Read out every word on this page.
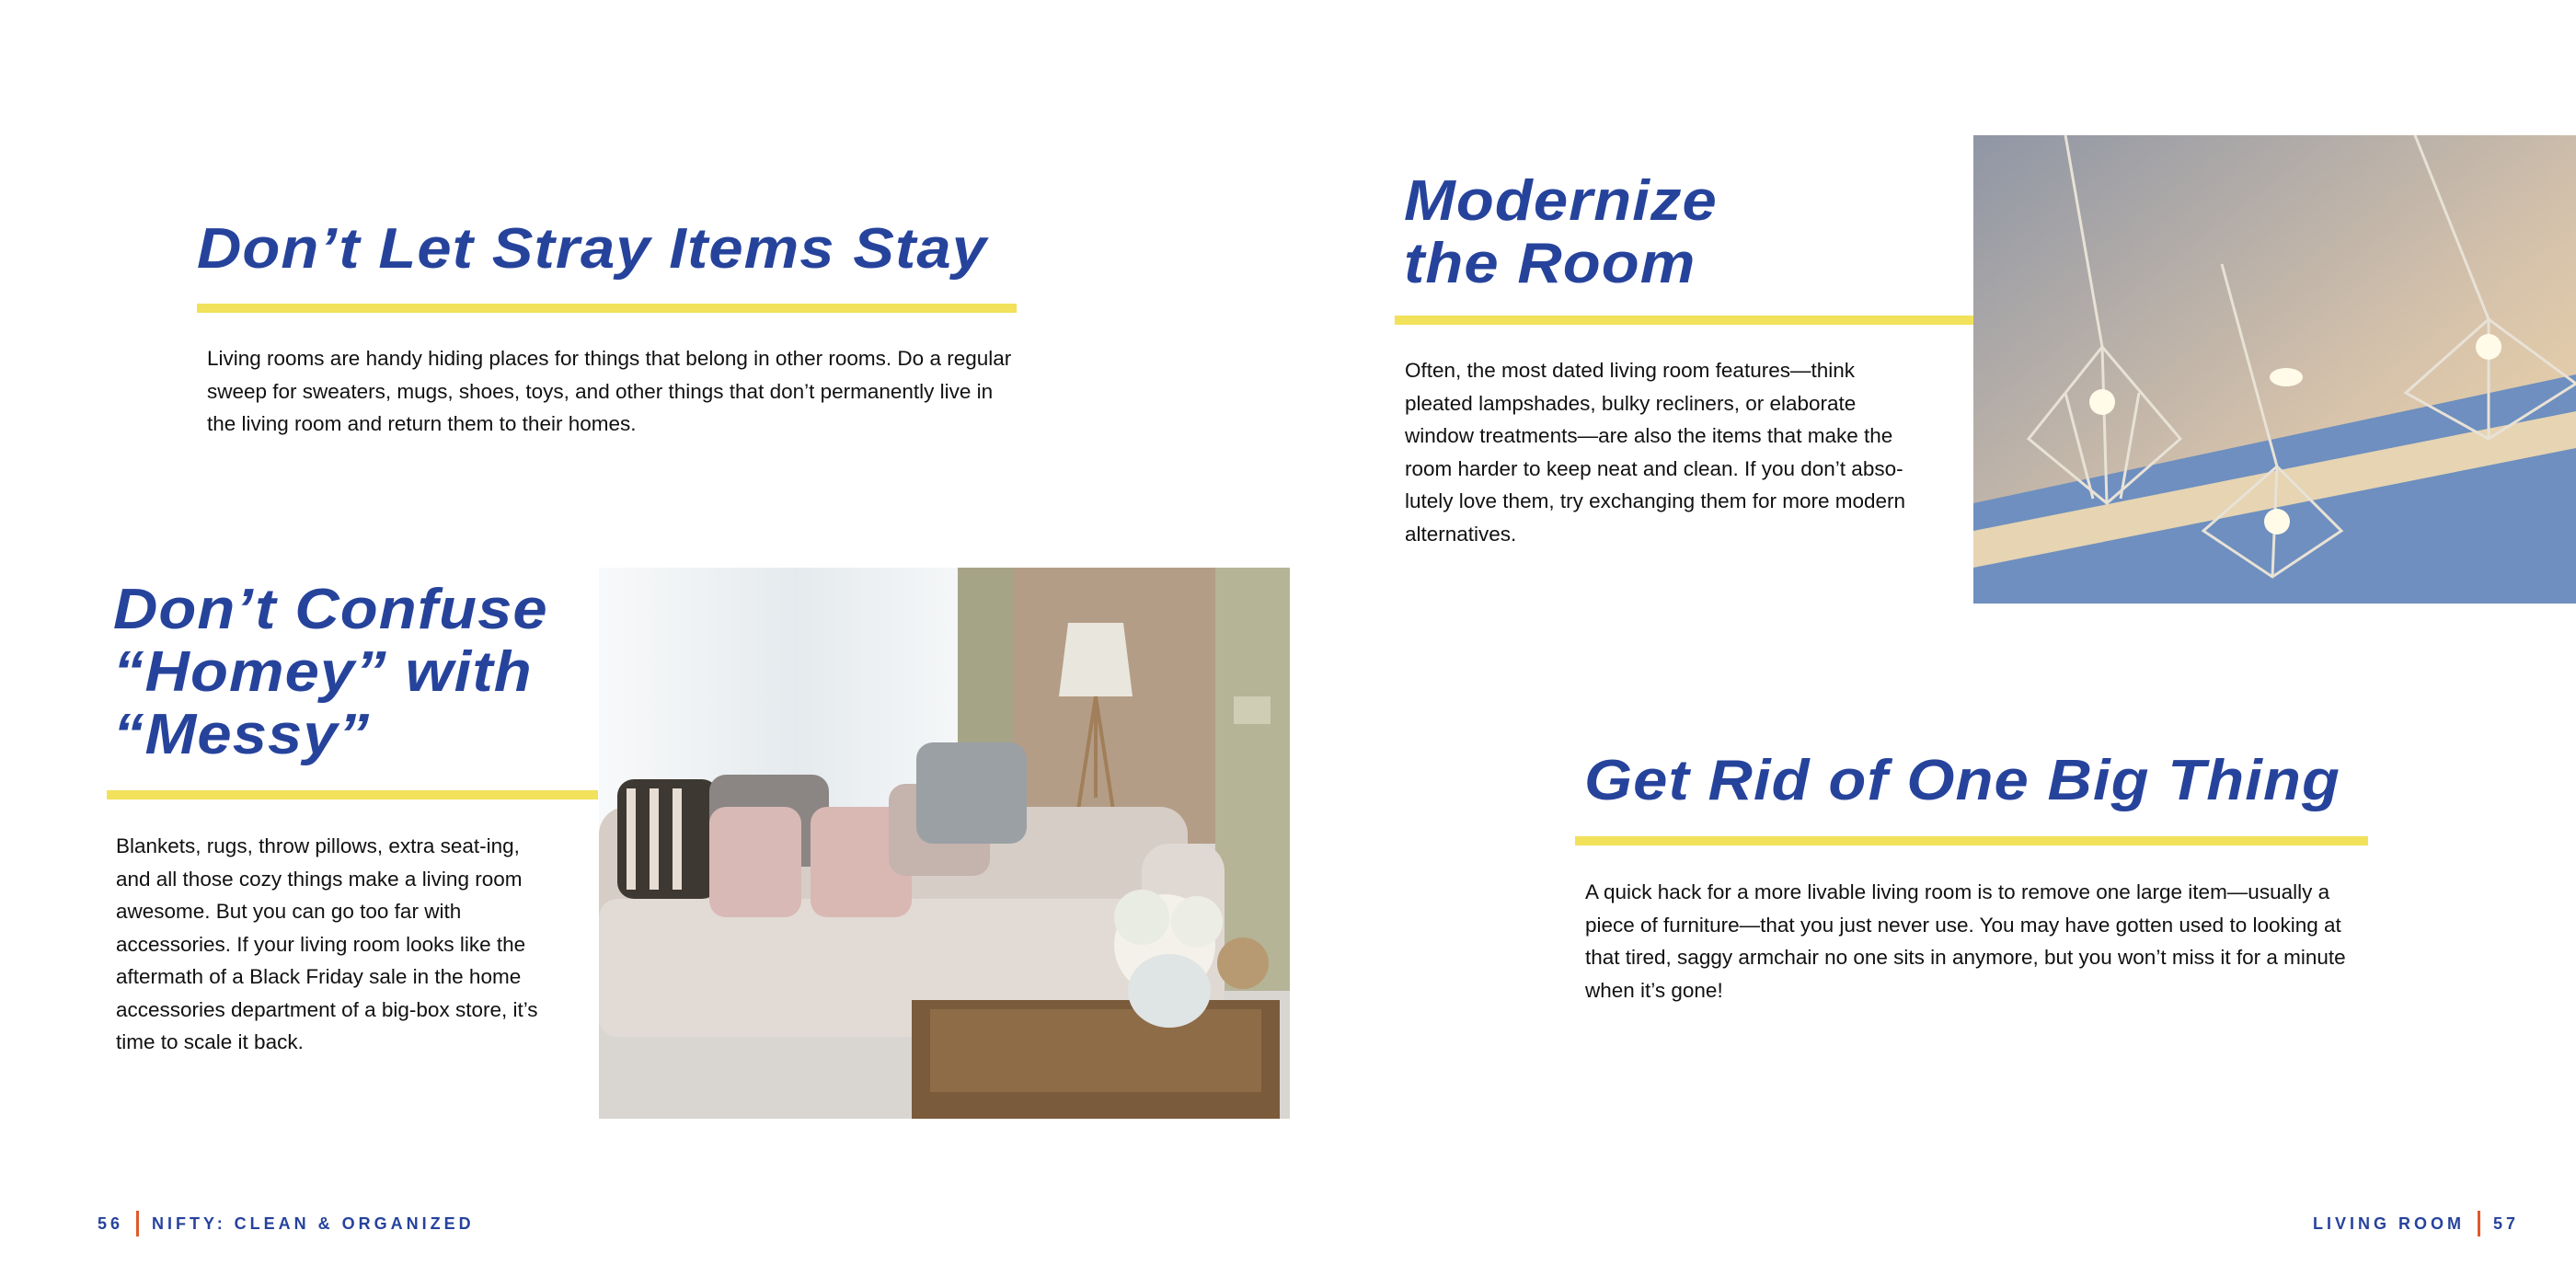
Don’t Let Stray Items Stay

Living rooms are handy hiding places for things that belong in other rooms. Do a regular sweep for sweaters, mugs, shoes, toys, and other things that don’t permanently live in the living room and return them to their homes.

Don’t Confuse
“Homey” with
“Messy”

Blankets, rugs, throw pillows, extra seat-ing, and all those cozy things make a living room awesome. But you can go too far with accessories. If your living room looks like the aftermath of a Black Friday sale in the home accessories department of a big-box store, it’s time to scale it back.

56 NIFTY: CLEAN & ORGANIZED
Modernize
the Room

Often, the most dated living room features—think pleated lampshades, bulky recliners, or elaborate window treatments—are also the items that make the room harder to keep neat and clean. If you don’t abso-lutely love them, try exchanging them for more modern alternatives.

Get Rid of One Big Thing

A quick hack for a more livable living room is to remove one large item—usually a piece of furniture—that you just never use. You may have gotten used to looking at that tired, saggy armchair no one sits in anymore, but you won’t miss it for a minute when it’s gone!

LIVING ROOM 57
